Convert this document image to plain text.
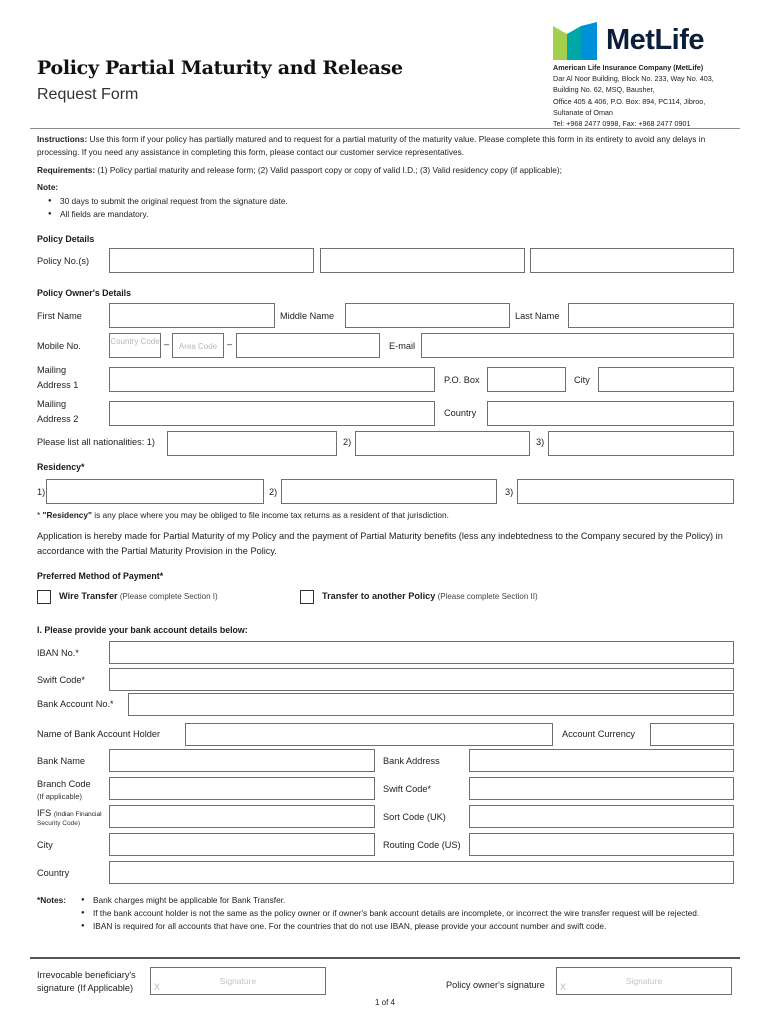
Policy Partial Maturity and Release
Request Form
MetLife
American Life Insurance Company (MetLife)
Dar Al Noor Building, Block No. 233, Way No. 403,
Building No. 62, MSQ, Bausher,
Office 405 & 406, P.O. Box: 894, PC114, Jibroo,
Sultanate of Oman
Tel: +968 2477 0998, Fax: +968 2477 0901
Instructions: Use this form if your policy has partially matured and to request for a partial maturity of the maturity value. Please complete this form in its entirety to avoid any delays in processing. If you need any assistance in completing this form, please contact our customer service representatives.
Requirements: (1) Policy partial maturity and release form; (2) Valid passport copy or copy of valid I.D.; (3) Valid residency copy (if applicable);
Note:
● 30 days to submit the original request from the signature date.
● All fields are mandatory.
Policy Details
Policy No.(s)
Policy Owner's Details
First Name	Middle Name	Last Name
Mobile No.	Country Code –	Area Code	–	E-mail
Mailing
Address 1	P.O. Box	City
Mailing
Address 2
Country
Please list all nationalities: 1)	2)	3)
Residency*
1)	2)	3)
* "Residency" is any place where you may be obliged to file income tax returns as a resident of that jurisdiction.
Application is hereby made for Partial Maturity of my Policy and the payment of Partial Maturity benefits (less any indebtedness to the Company secured by the Policy) in accordance with the Partial Maturity Provision in the Policy.
Preferred Method of Payment*
Wire Transfer (Please complete Section I)	Transfer to another Policy (Please complete Section II)
I. Please provide your bank account details below:
IBAN No.*
Swift Code*
Bank Account No.*
Name of Bank Account Holder	Account Currency
Bank Name	Bank Address
Branch Code
(If applicable)
Swift Code*
IFS (Indian Financial
Security Code)
Sort Code (UK)
City	Routing Code (US)
Country
*Notes:
●	Bank charges might be applicable for Bank Transfer.
● If the bank account holder is not the same as the policy owner or if owner's bank account details are incomplete, or incorrect the wire transfer request will be rejected.
● IBAN is required for all accounts that have one. For the countries that do not use IBAN, please provide your account number and swift code.
Irrevocable beneficiary's
signature (If Applicable) X
Signature	Policy owner's signature X
Signature
1 of 4
